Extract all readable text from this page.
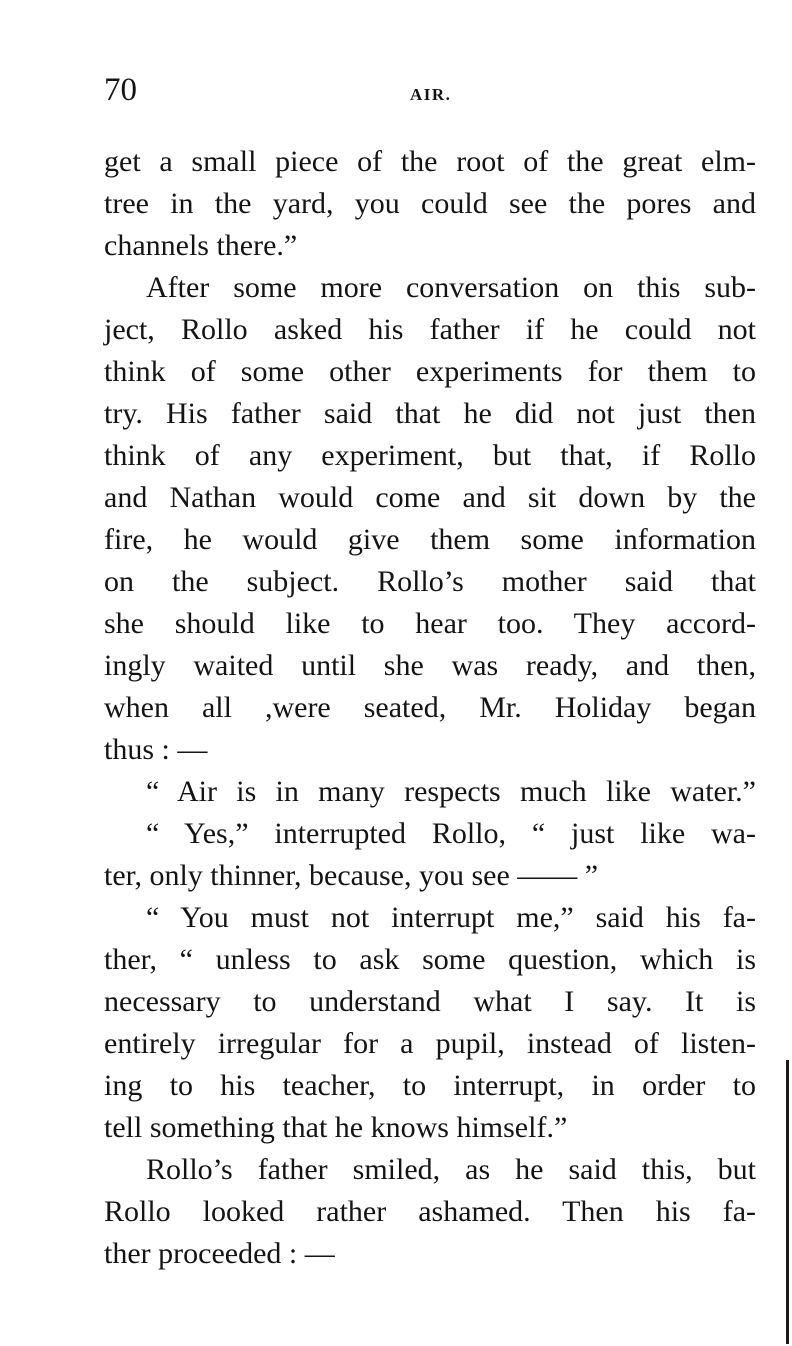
70	AIR.
get a small piece of the root of the great elm-
tree in the yard, you could see the pores and
channels there.”
After some more conversation on this sub-
ject, Rollo asked his father if he could not
think of some other experiments for them to
try. His father said that he did not just then
think of any experiment, but that, if Rollo
and Nathan would come and sit down by the
fire, he would give them some information
on the subject. Rollo’s mother said that
she should like to hear too. They accord-
ingly waited until she was ready, and then,
when all ,were seated, Mr. Holiday began
thus : —
“ Air is in many respects much like water.”
“ Yes,” interrupted Rollo, “ just like wa-
ter, only thinner, because, you see —— ”
“ You must not interrupt me,” said his fa-
ther, “ unless to ask some question, which is
necessary to understand what I say. It is
entirely irregular for a pupil, instead of listen-
ing to his teacher, to interrupt, in order to
tell something that he knows himself.”
Rollo’s father smiled, as he said this, but
Rollo looked rather ashamed. Then his fa-
ther proceeded : —
